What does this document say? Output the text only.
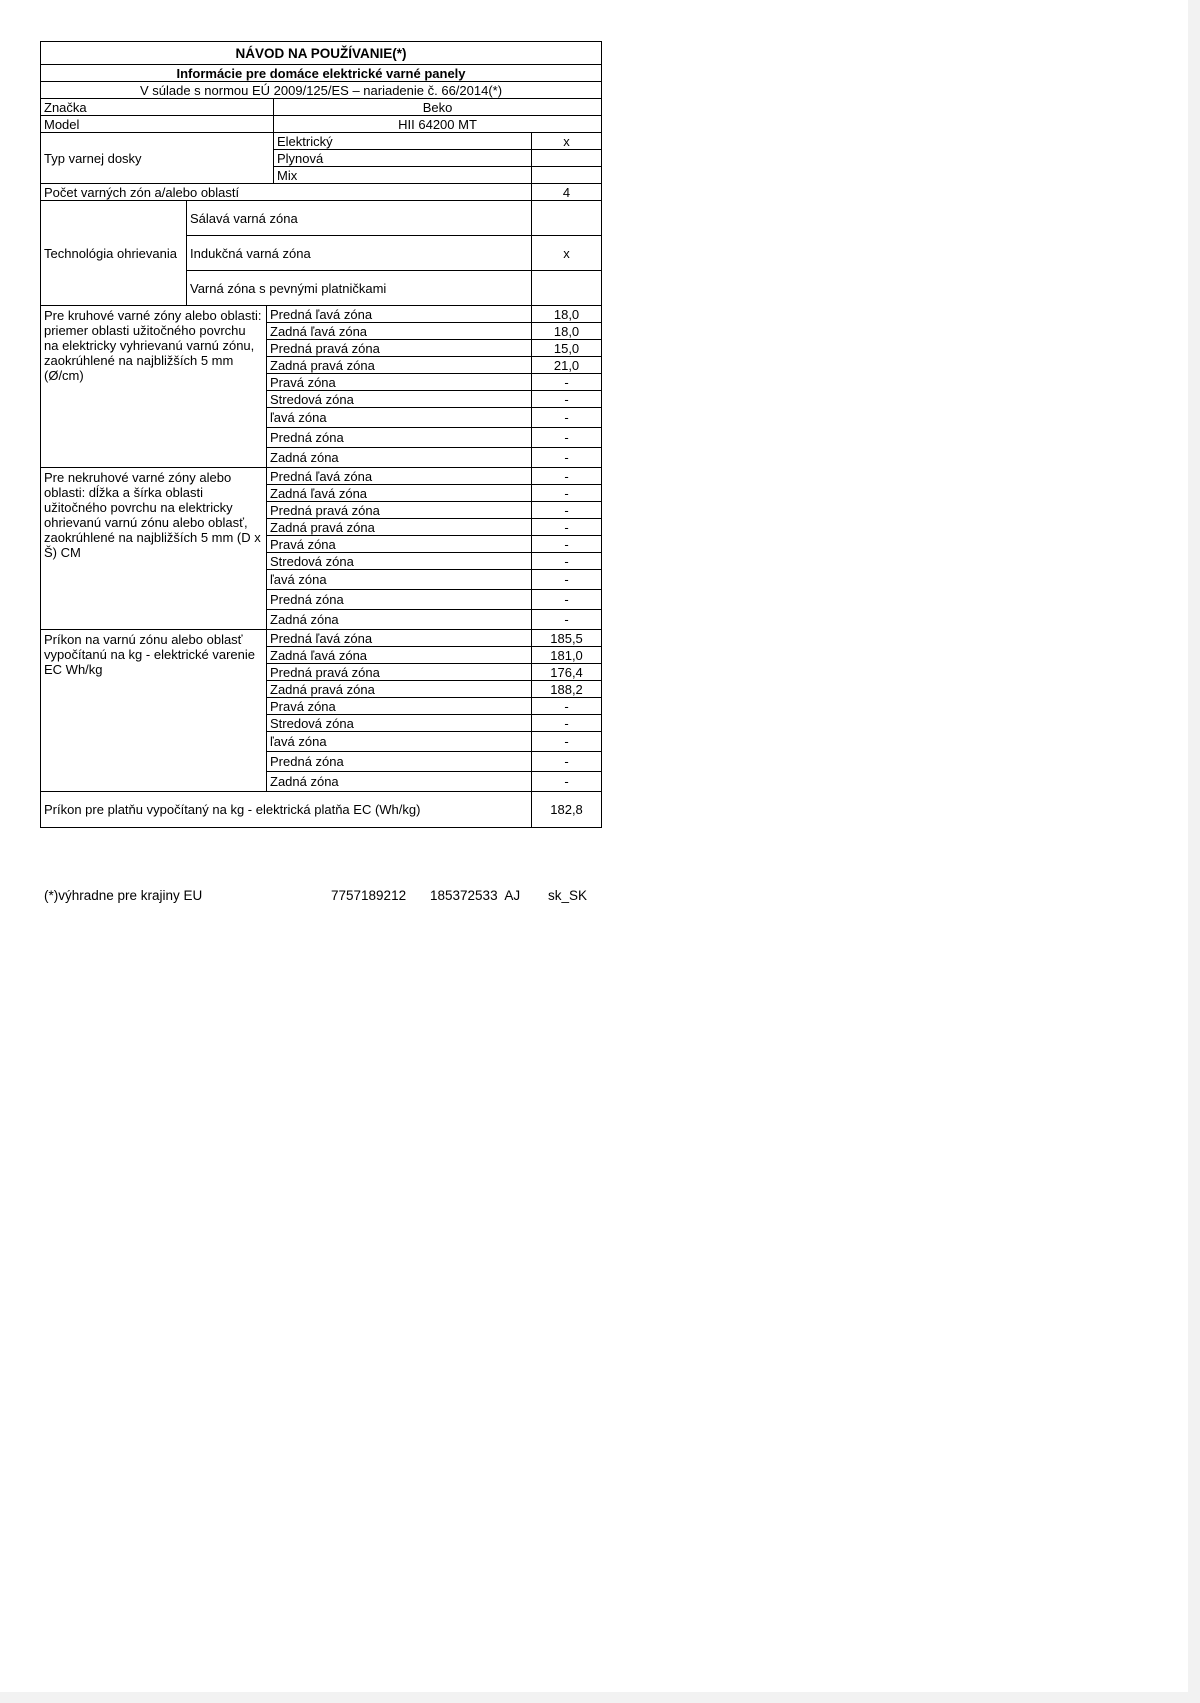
NÁVOD NA POUŽÍVANIE(*)				
Informácie pre domáce elektrické varné panely				
V súlade s normou EÚ 2009/125/ES – nariadenie č. 66/2014(*)				
Značka			Beko	
Model			HII 64200 MT	
Typ varnej dosky			Elektrický	x
			Plynová	
			Mix	
Počet varných zón a/alebo oblastí				4
Technológia ohrievania	Sálavá varná zóna			
	Indukčná varná zóna			x
	Varná zóna s pevnými platničkami			
Pre kruhové varné zóny alebo oblasti: priemer oblasti užitočného povrchu na elektricky vyhrievanú varnú zónu, zaokrúhlené na najbližších 5 mm (Ø/cm)		Predná ľavá zóna		18,0
		Zadná ľavá zóna		18,0
		Predná pravá zóna		15,0
		Zadná pravá zóna		21,0
		Pravá zóna		-
		Stredová zóna		-
		ľavá zóna		-
		Predná zóna		-
		Zadná zóna		-
Pre nekruhové varné zóny alebo oblasti: dĺžka a šírka oblasti užitočného povrchu na elektricky ohrievanú varnú zónu alebo oblasť, zaokrúhlené na najbližších 5 mm (D x Š) CM		Predná ľavá zóna		-
		Zadná ľavá zóna		-
		Predná pravá zóna		-
		Zadná pravá zóna		-
		Pravá zóna		-
		Stredová zóna		-
		ľavá zóna		-
		Predná zóna		-
		Zadná zóna		-
Príkon na varnú zónu alebo oblasť vypočítanú na kg - elektrické varenie EC Wh/kg		Predná ľavá zóna		185,5
		Zadná ľavá zóna		181,0
		Predná pravá zóna		176,4
		Zadná pravá zóna		188,2
		Pravá zóna		-
		Stredová zóna		-
		ľavá zóna		-
		Predná zóna		-
		Zadná zóna		-
Príkon pre platňu vypočítaný na kg - elektrická platňa EC (Wh/kg)				182,8
(*)výhradne pre krajiny EU	7757189212 185372533  AJ sk_SK
